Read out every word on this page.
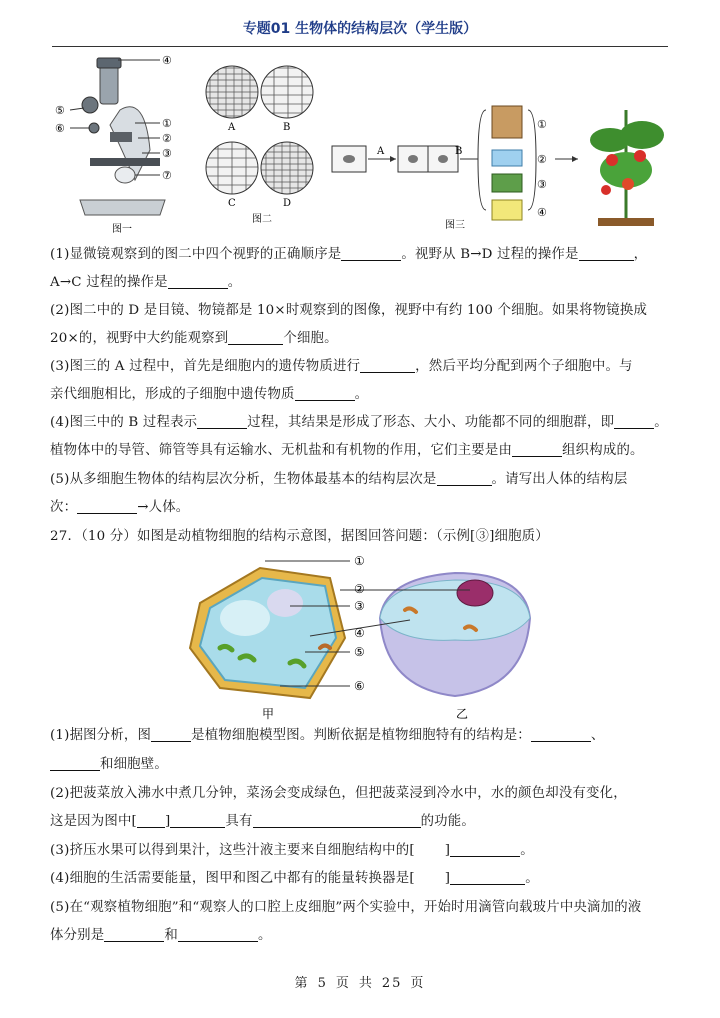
专题01 生物体的结构层次（学生版）
④
⑤
⑥	①
②
③
⑦
图一
A	B
C	D
图二
A	B
①
②
③
④
图三

(1)显微镜观察到的图二中四个视野的正确顺序是	。视野从 B→D 过程的操作是	，

A→C 过程的操作是	。

(2)图二中的 D 是目镜、物镜都是 10×时观察到的图像，视野中有约 100 个细胞。如果将物镜换成

20×的，视野中大约能观察到	个细胞。

(3)图三的 A 过程中，首先是细胞内的遗传物质进行	，然后平均分配到两个子细胞中。与

亲代细胞相比，形成的子细胞中遗传物质	。

(4)图三中的 B 过程表示	过程，其结果是形成了形态、大小、功能都不同的细胞群，即	。

植物体中的导管、筛管等具有运输水、无机盐和有机物的作用，它们主要是由	组织构成的。

(5)从多细胞生物体的结构层次分析，生物体最基本的结构层次是	。请写出人体的结构层

次：	→人体。

27．（10 分）如图是动植物细胞的结构示意图，据图回答问题：（示例[③]细胞质）

①
②
③
④
⑤
⑥
甲	乙

(1)据图分析，图	是植物细胞模型图。判断依据是植物细胞特有的结构是：	、

和细胞壁。

(2)把菠菜放入沸水中煮几分钟，菜汤会变成绿色，但把菠菜浸到冷水中，水的颜色却没有变化，

这是因为图中[ ]	具有	的功能。

(3)挤压水果可以得到果汁，这些汁液主要来自细胞结构中的[ ]	。

(4)细胞的生活需要能量，图甲和图乙中都有的能量转换器是[ ]	。

(5)在“观察植物细胞”和“观察人的口腔上皮细胞”两个实验中，开始时用滴管向载玻片中央滴加的液

体分别是	和	。

第 5 页 共 25 页
